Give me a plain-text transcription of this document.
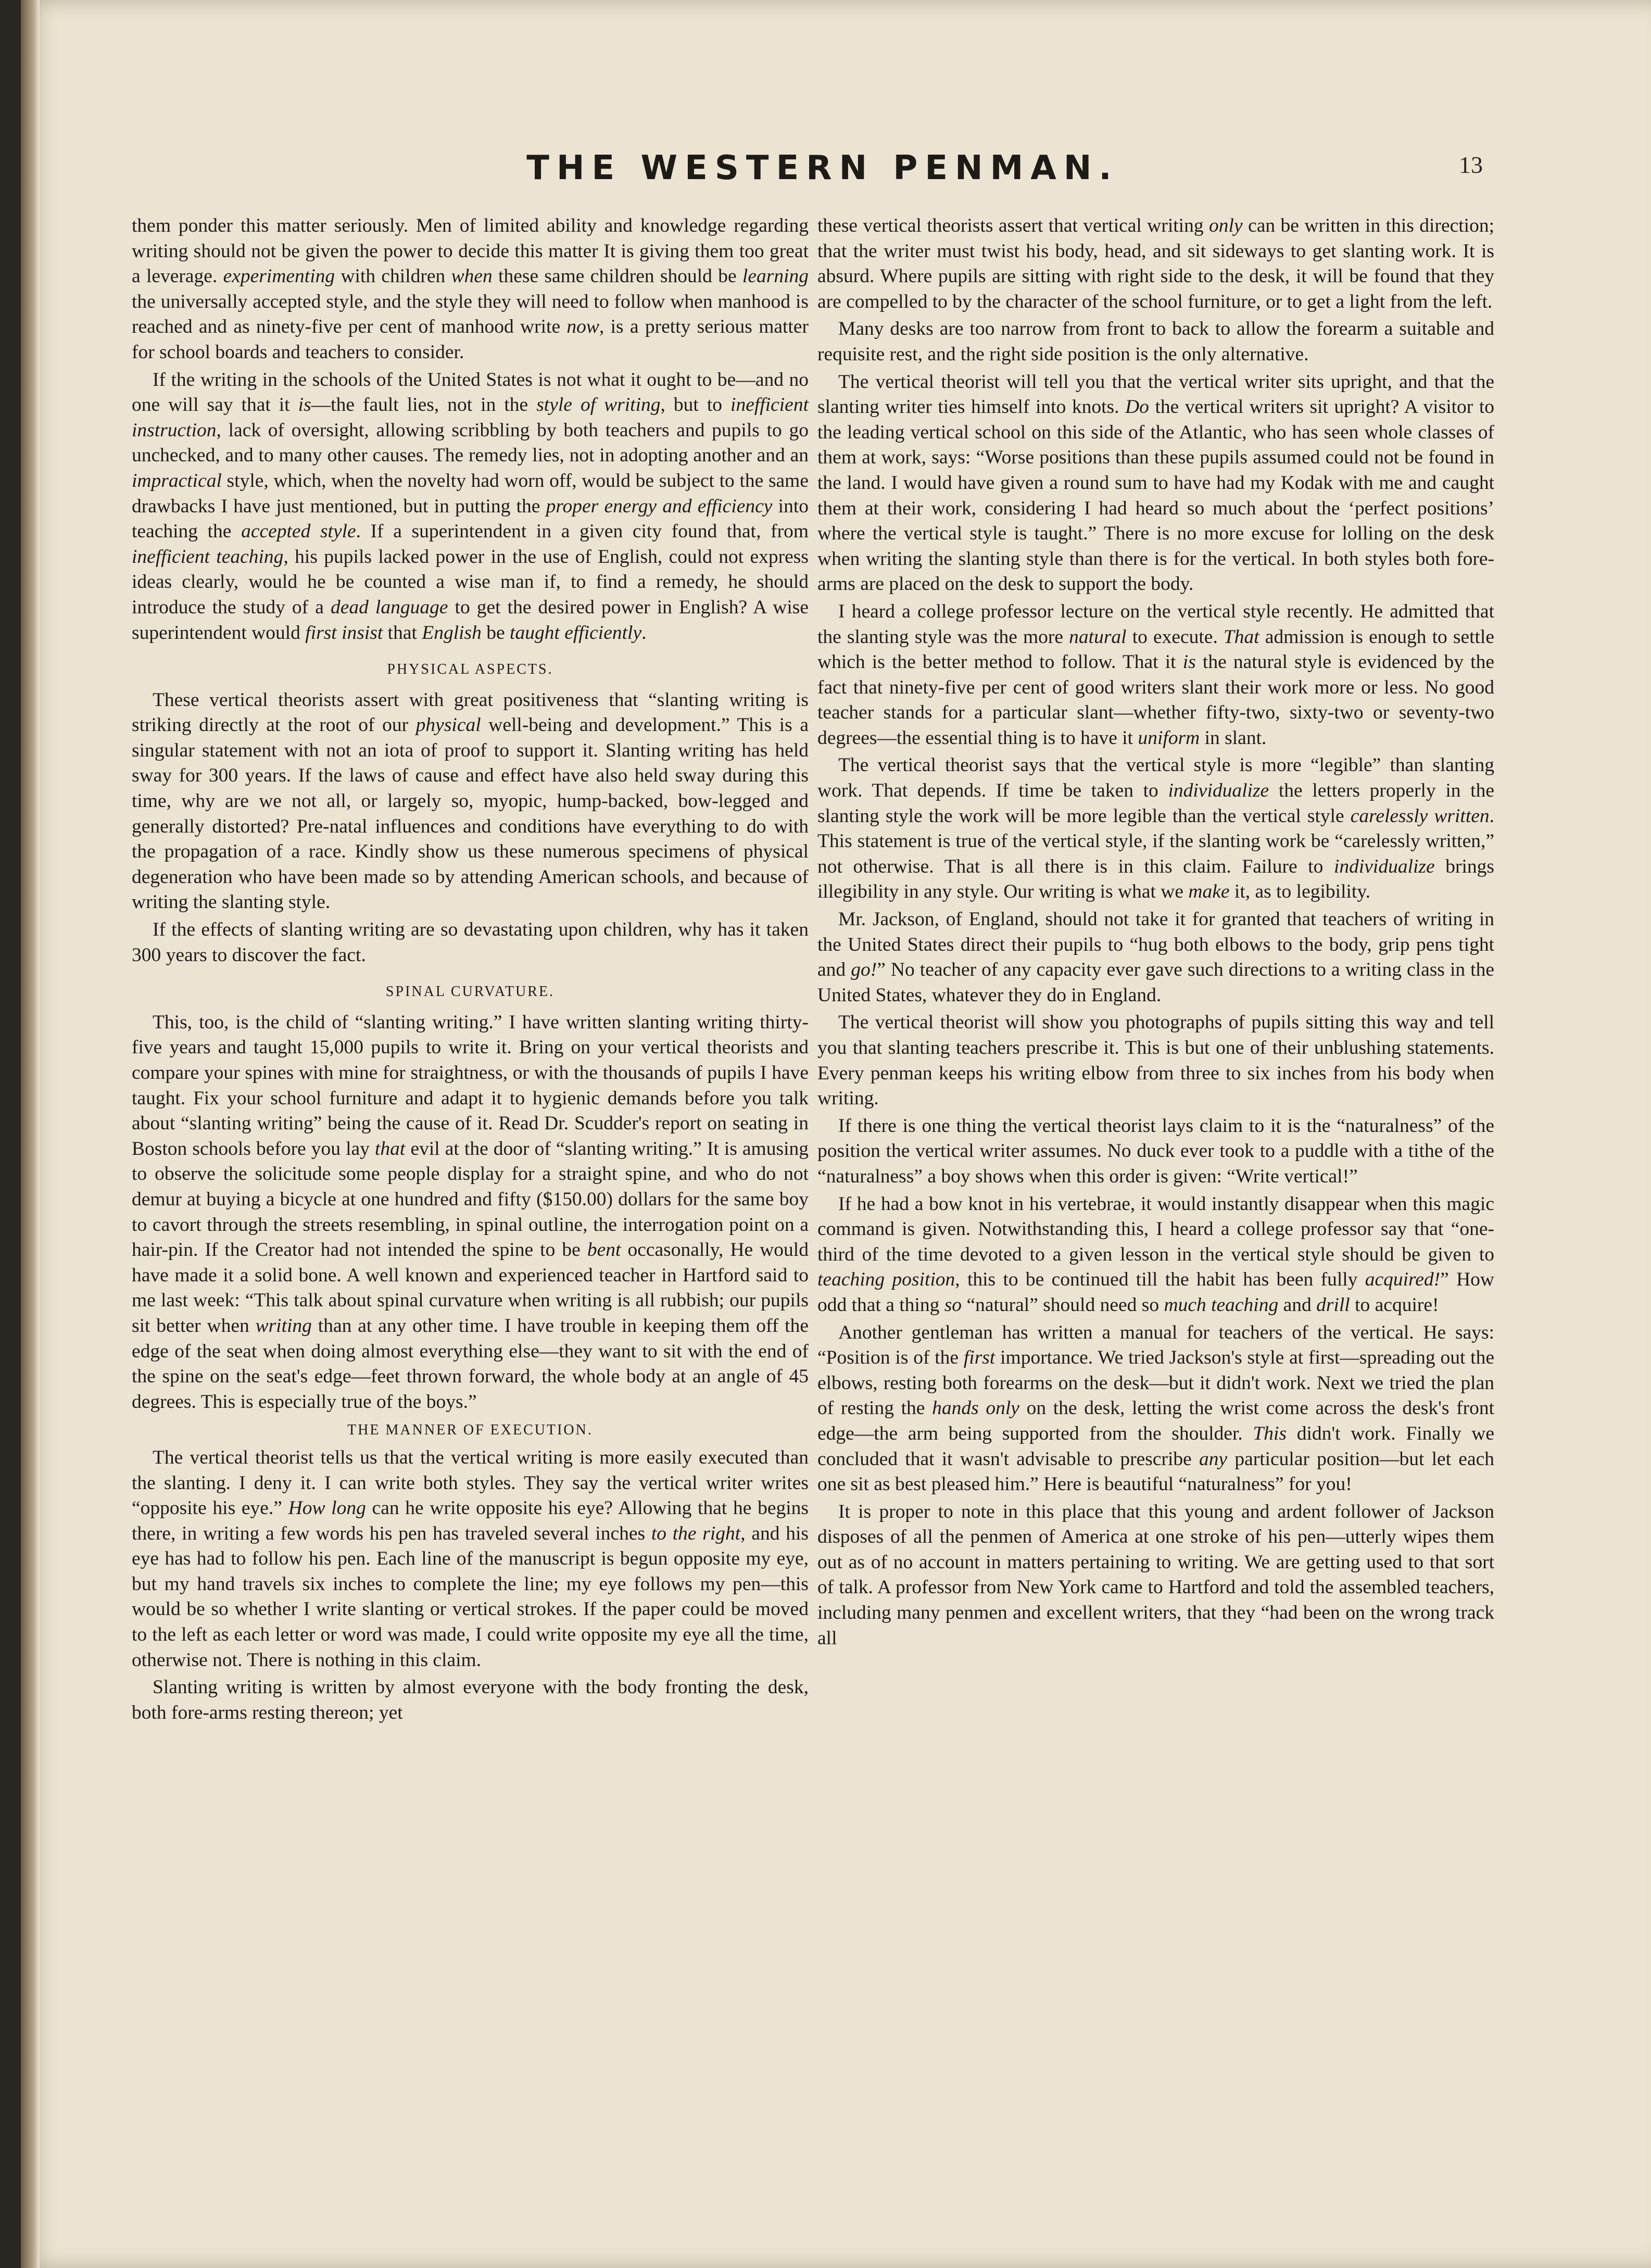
THE WESTERN PENMAN.	13

them ponder this matter seriously. Men of limited ability and knowledge regarding writing should not be given the power to decide this matter It is giving them too great a leverage. experimenting with children when these same children should be learning the universally accepted style, and the style they will need to follow when manhood is reached and as ninety-five per cent of manhood write now, is a pretty serious matter for school boards and teachers to consider.

If the writing in the schools of the United States is not what it ought to be—and no one will say that it is—the fault lies, not in the style of writing, but to inefficient instruction, lack of oversight, allowing scribbling by both teachers and pupils to go unchecked, and to many other causes. The remedy lies, not in adopting another and an impractical style, which, when the novelty had worn off, would be subject to the same drawbacks I have just mentioned, but in putting the proper energy and efficiency into teaching the accepted style. If a superintendent in a given city found that, from inefficient teaching, his pupils lacked power in the use of English, could not express ideas clearly, would he be counted a wise man if, to find a remedy, he should introduce the study of a dead language to get the desired power in English? A wise superintendent would first insist that English be taught efficiently.

PHYSICAL ASPECTS.

These vertical theorists assert with great positiveness that “slanting writing is striking directly at the root of our physical well-being and development.” This is a singular statement with not an iota of proof to support it. Slanting writing has held sway for 300 years. If the laws of cause and effect have also held sway during this time, why are we not all, or largely so, myopic, hump-backed, bow-legged and generally distorted? Pre-natal influences and conditions have everything to do with the propagation of a race. Kindly show us these numerous specimens of physical degeneration who have been made so by attending American schools, and because of writing the slanting style.

If the effects of slanting writing are so devastating upon children, why has it taken 300 years to discover the fact.

SPINAL CURVATURE.

This, too, is the child of “slanting writing.” I have written slanting writing thirty-five years and taught 15,000 pupils to write it. Bring on your vertical theorists and compare your spines with mine for straightness, or with the thousands of pupils I have taught. Fix your school furniture and adapt it to hygienic demands before you talk about “slanting writing” being the cause of it. Read Dr. Scudder's report on seating in Boston schools before you lay that evil at the door of “slanting writing.” It is amusing to observe the solicitude some people display for a straight spine, and who do not demur at buying a bicycle at one hundred and fifty ($150.00) dollars for the same boy to cavort through the streets resembling, in spinal outline, the interrogation point on a hair-pin. If the Creator had not intended the spine to be bent occasonally, He would have made it a solid bone. A well known and experienced teacher in Hartford said to me last week: “This talk about spinal curvature when writing is all rubbish; our pupils sit better when writing than at any other time. I have trouble in keeping them off the edge of the seat when doing almost everything else—they want to sit with the end of the spine on the seat's edge—feet thrown forward, the whole body at an angle of 45 degrees. This is especially true of the boys.”

THE MANNER OF EXECUTION.

The vertical theorist tells us that the vertical writing is more easily executed than the slanting. I deny it. I can write both styles. They say the vertical writer writes “opposite his eye.” How long can he write opposite his eye? Allowing that he begins there, in writing a few words his pen has traveled several inches to the right, and his eye has had to follow his pen. Each line of the manuscript is begun opposite my eye, but my hand travels six inches to complete the line; my eye follows my pen—this would be so whether I write slanting or vertical strokes. If the paper could be moved to the left as each letter or word was made, I could write opposite my eye all the time, otherwise not. There is nothing in this claim.

Slanting writing is written by almost everyone with the body fronting the desk, both fore-arms resting thereon; yet

these vertical theorists assert that vertical writing only can be written in this direction; that the writer must twist his body, head, and sit sideways to get slanting work. It is absurd. Where pupils are sitting with right side to the desk, it will be found that they are compelled to by the character of the school furniture, or to get a light from the left.

Many desks are too narrow from front to back to allow the forearm a suitable and requisite rest, and the right side position is the only alternative.

The vertical theorist will tell you that the vertical writer sits upright, and that the slanting writer ties himself into knots. Do the vertical writers sit upright? A visitor to the leading vertical school on this side of the Atlantic, who has seen whole classes of them at work, says: “Worse positions than these pupils assumed could not be found in the land. I would have given a round sum to have had my Kodak with me and caught them at their work, considering I had heard so much about the ‘perfect positions’ where the vertical style is taught.” There is no more excuse for lolling on the desk when writing the slanting style than there is for the vertical. In both styles both fore-arms are placed on the desk to support the body.

I heard a college professor lecture on the vertical style recently. He admitted that the slanting style was the more natural to execute. That admission is enough to settle which is the better method to follow. That it is the natural style is evidenced by the fact that ninety-five per cent of good writers slant their work more or less. No good teacher stands for a particular slant—whether fifty-two, sixty-two or seventy-two degrees—the essential thing is to have it uniform in slant.

The vertical theorist says that the vertical style is more “legible” than slanting work. That depends. If time be taken to individualize the letters properly in the slanting style the work will be more legible than the vertical style carelessly written. This statement is true of the vertical style, if the slanting work be “carelessly written,” not otherwise. That is all there is in this claim. Failure to individualize brings illegibility in any style. Our writing is what we make it, as to legibility.

Mr. Jackson, of England, should not take it for granted that teachers of writing in the United States direct their pupils to “hug both elbows to the body, grip pens tight and go!” No teacher of any capacity ever gave such directions to a writing class in the United States, whatever they do in England.

The vertical theorist will show you photographs of pupils sitting this way and tell you that slanting teachers prescribe it. This is but one of their unblushing statements. Every penman keeps his writing elbow from three to six inches from his body when writing.

If there is one thing the vertical theorist lays claim to it is the “naturalness” of the position the vertical writer assumes. No duck ever took to a puddle with a tithe of the “naturalness” a boy shows when this order is given: “Write vertical!”

If he had a bow knot in his vertebrae, it would instantly disappear when this magic command is given. Notwithstanding this, I heard a college professor say that “one-third of the time devoted to a given lesson in the vertical style should be given to teaching position, this to be continued till the habit has been fully acquired!” How odd that a thing so “natural” should need so much teaching and drill to acquire!

Another gentleman has written a manual for teachers of the vertical. He says: “Position is of the first importance. We tried Jackson's style at first—spreading out the elbows, resting both forearms on the desk—but it didn't work. Next we tried the plan of resting the hands only on the desk, letting the wrist come across the desk's front edge—the arm being supported from the shoulder. This didn't work. Finally we concluded that it wasn't advisable to prescribe any particular position—but let each one sit as best pleased him.” Here is beautiful “naturalness” for you!

It is proper to note in this place that this young and ardent follower of Jackson disposes of all the penmen of America at one stroke of his pen—utterly wipes them out as of no account in matters pertaining to writing. We are getting used to that sort of talk. A professor from New York came to Hartford and told the assembled teachers, including many penmen and excellent writers, that they “had been on the wrong track all
